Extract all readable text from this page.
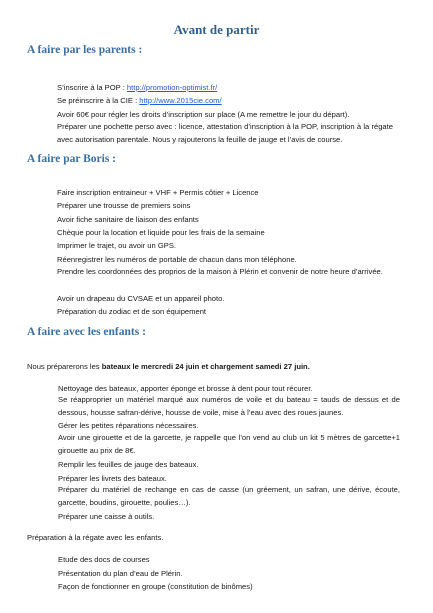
Avant de partir
A faire par les parents :

S’inscrire à la POP : http://promotion-optimist.fr/

Se préinscrire à la CIE : http://www.2015cie.com/

Avoir 60€ pour régler les droits d’inscription sur place (A me remettre le jour du départ).

Préparer une pochette perso avec : licence, attestation d’inscription à la POP, inscription à la régate avec autorisation parentale. Nous y rajouterons la feuille de jauge et l’avis de course.

A faire par Boris :

Faire inscription entraineur + VHF + Permis côtier + Licence

Préparer une trousse de premiers soins

Avoir fiche sanitaire de liaison des enfants

Chèque pour la location et liquide pour les frais de la semaine

Imprimer le trajet, ou avoir un GPS.

Réenregistrer les numéros de portable de chacun dans mon téléphone.

Prendre les coordonnées des proprios de la maison à Plérin et convenir de notre heure d’arrivée.

Avoir un drapeau du CVSAE et un appareil photo.

Préparation du zodiac et de son équipement

A faire avec les enfants :

Nous préparerons les bateaux le mercredi 24 juin et chargement samedi 27 juin.

Nettoyage des bateaux, apporter éponge et brosse à dent pour tout récurer.

Se réapproprier un matériel marqué aux numéros de voile et du bateau = tauds de dessus et de dessous, housse safran-dérive, housse de voile, mise à l’eau avec des roues jaunes.

Gérer les petites réparations nécessaires.

Avoir une girouette et de la garcette, je rappelle que l’on vend au club un kit 5 mètres de garcette+1 girouette au prix de 8€.

Remplir les feuilles de jauge des bateaux.

Préparer les livrets des bateaux.

Préparer du matériel de rechange en cas de casse (un gréement, un safran, une dérive, écoute, garcette, boudins, girouette, poulies…).

Préparer une caisse à outils.

Préparation à la régate avec les enfants.

Etude des docs de courses

Présentation du plan d’eau de Plérin.

Façon de fonctionner en groupe (constitution de binômes)
